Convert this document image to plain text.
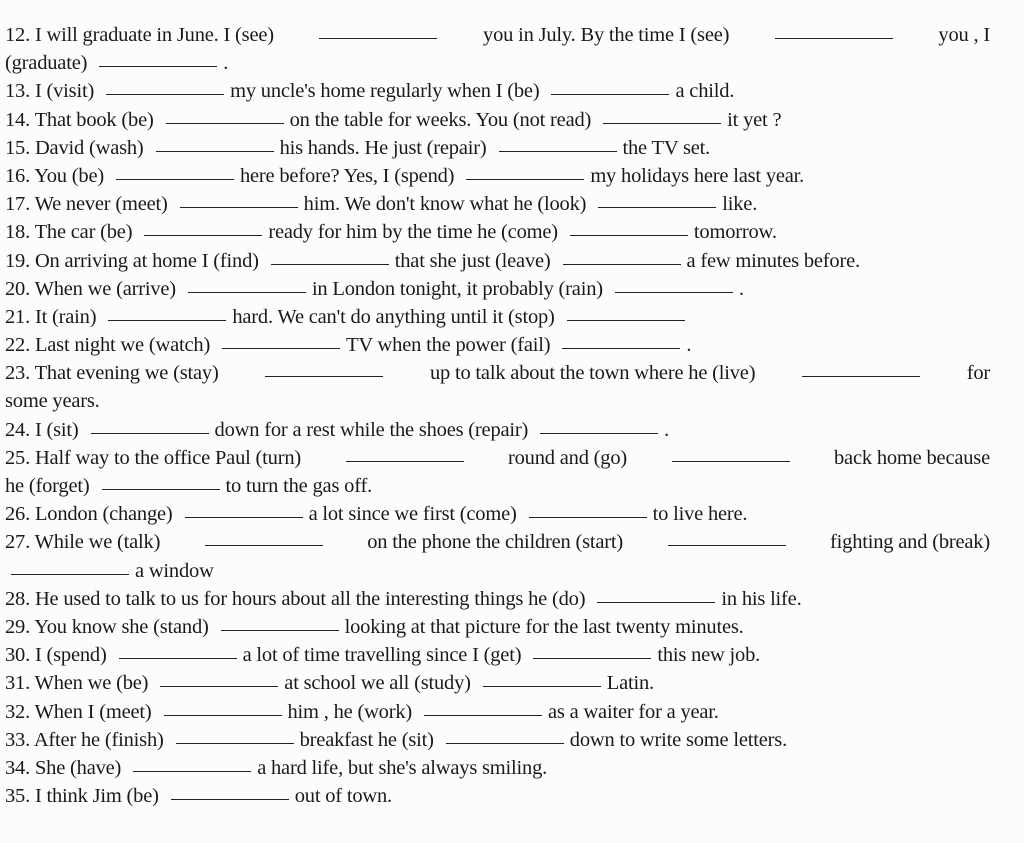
12. I will graduate in June. I (see)	you in July. By the time I (see)	you , I
(graduate)	.
13. I (visit)	my uncle's home regularly when I (be)	a child.
14. That book (be)	on the table for weeks. You (not read)	it yet ?
15. David (wash)	his hands. He just (repair)	the TV set.
16. You (be)	here before? Yes, I (spend)	my holidays here last year.
17. We never (meet)	him. We don't know what he (look)	like.
18. The car (be)	ready for him by the time he (come)	tomorrow.
19. On arriving at home I (find)	that she just (leave)	a few minutes before.
20. When we (arrive)	in London tonight, it probably (rain)	.
21. It (rain)	hard. We can't do anything until it (stop)
22. Last night we (watch)	TV when the power (fail)	.
23. That evening we (stay)	up to talk about the town where he (live)	for
some years.
24. I (sit)	down for a rest while the shoes (repair)	.
25. Half way to the office Paul (turn)	round and (go)	back home because
he (forget)	to turn the gas off.
26. London (change)	a lot since we first (come)	to live here.
27. While we (talk)	on the phone the children (start)	fighting and (break)
a window
28. He used to talk to us for hours about all the interesting things he (do)	in his life.
29. You know she (stand)	looking at that picture for the last twenty minutes.
30. I (spend)	a lot of time travelling since I (get)	this new job.
31. When we (be)	at school we all (study)	Latin.
32. When I (meet)	him , he (work)	as a waiter for a year.
33. After he (finish)	breakfast he (sit)	down to write some letters.
34. She (have)	a hard life, but she's always smiling.
35. I think Jim (be)	out of town.
